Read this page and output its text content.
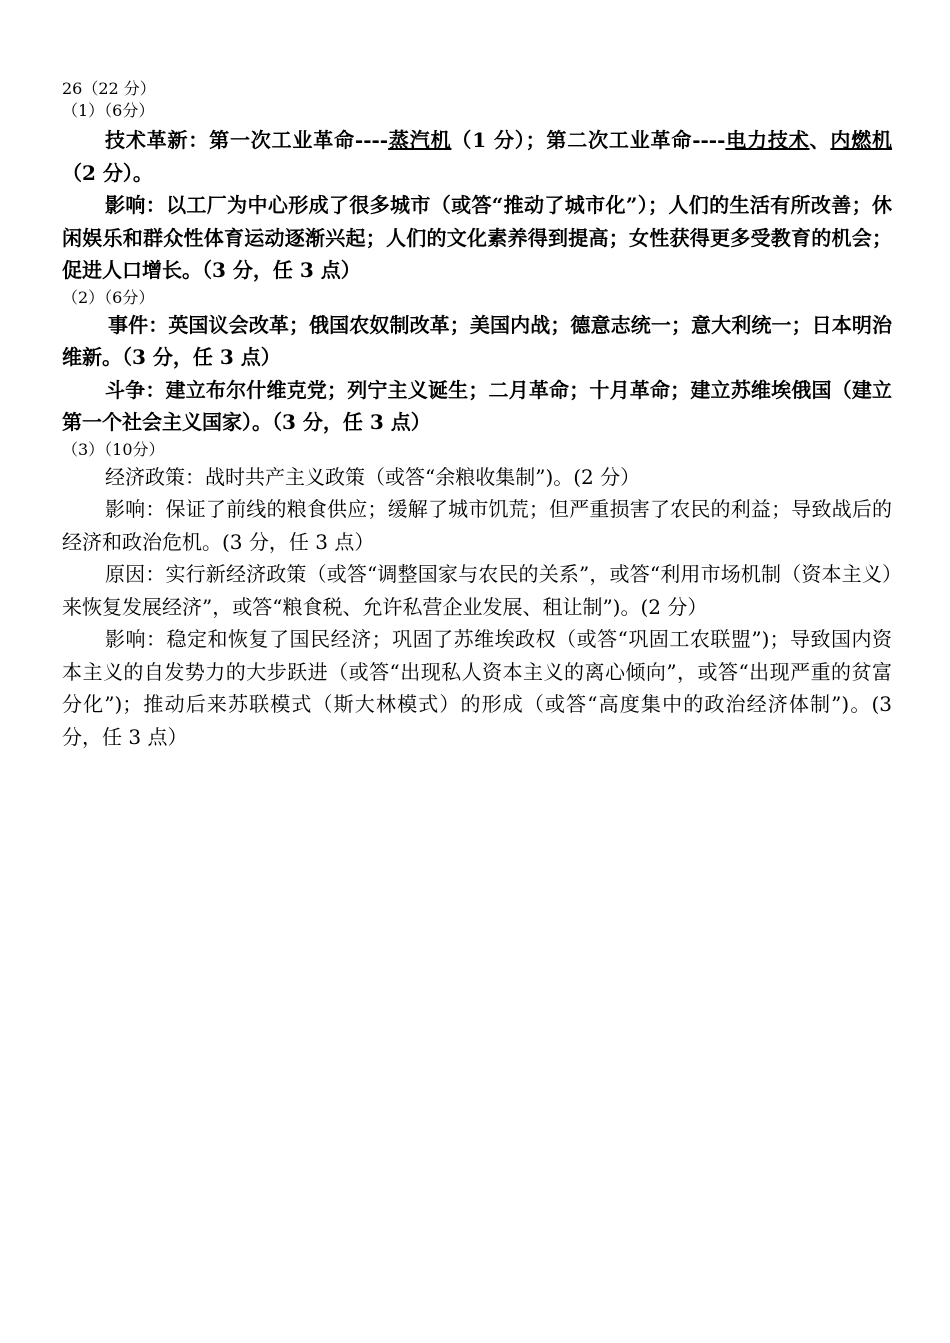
26（22 分）
（1）（6分）

技术革新：第一次工业革命----蒸汽机（1 分）；第二次工业革命----电力技术、内燃机（2 分）。

影响：以工厂为中心形成了很多城市（或答“推动了城市化”）；人们的生活有所改善；休闲娱乐和群众性体育运动逐渐兴起；人们的文化素养得到提高；女性获得更多受教育的机会；促进人口增长。（3 分，任 3 点）

（2）（6分）

事件：英国议会改革；俄国农奴制改革；美国内战；德意志统一；意大利统一；日本明治维新。（3 分，任 3 点）

斗争：建立布尔什维克党；列宁主义诞生；二月革命；十月革命；建立苏维埃俄国（建立第一个社会主义国家）。（3 分，任 3 点）

（3）（10分）

经济政策：战时共产主义政策（或答“余粮收集制”)。(2 分）

影响：保证了前线的粮食供应；缓解了城市饥荒；但严重损害了农民的利益；导致战后的经济和政治危机。(3 分，任 3 点）

原因：实行新经济政策（或答“调整国家与农民的关系”，或答“利用市场机制（资本主义）来恢复发展经济”，或答“粮食税、允许私营企业发展、租让制”)。(2 分）

影响：稳定和恢复了国民经济；巩固了苏维埃政权（或答“巩固工农联盟”)；导致国内资本主义的自发势力的大步跃进（或答“出现私人资本主义的离心倾向”，或答“出现严重的贫富分化”)；推动后来苏联模式（斯大林模式）的形成（或答“高度集中的政治经济体制”)。(3 分，任 3 点）
